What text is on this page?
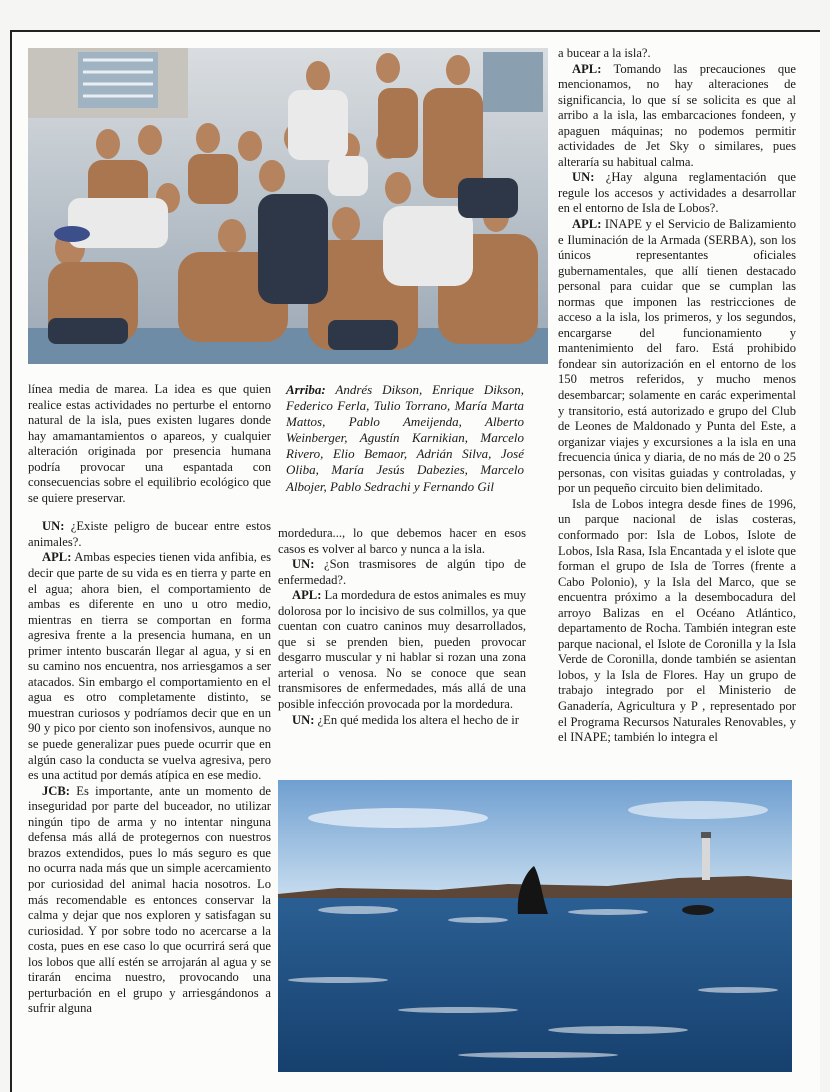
línea media de marea. La idea es que quien realice estas actividades no perturbe el entorno natural de la isla, pues existen lugares donde hay amamantamientos o apareos, y cualquier alteración originada por presencia humana podría provocar una espantada con consecuencias sobre el equilibrio ecológico que se quiere preservar.

UN: ¿Existe peligro de bucear entre estos animales?.

APL: Ambas especies tienen vida anfibia, es decir que parte de su vida es en tierra y parte en el agua; ahora bien, el comportamiento de ambas es diferente en uno u otro medio, mientras en tierra se comportan en forma agresiva frente a la presencia humana, en un primer intento buscarán llegar al agua, y si en su camino nos encuentra, nos arriesgamos a ser atacados. Sin embargo el comportamiento en el agua es otro completamente distinto, se muestran curiosos y podríamos decir que en un 90 y pico por ciento son inofensivos, aunque no se puede generalizar pues puede ocurrir que en algún caso la conducta se vuelva agresiva, pero es una actitud por demás atípica en ese medio.

JCB: Es importante, ante un momento de inseguridad por parte del buceador, no utilizar ningún tipo de arma y no intentar ninguna defensa más allá de protegernos con nuestros brazos extendidos, pues lo más seguro es que no ocurra nada más que un simple acercamiento por curiosidad del animal hacia nosotros. Lo más recomendable es entonces conservar la calma y dejar que nos exploren y satisfagan su curiosidad. Y por sobre todo no acercarse a la costa, pues en ese caso lo que ocurrirá será que los lobos que allí estén se arrojarán al agua y se tirarán encima nuestro, provocando una perturbación en el grupo y arriesgándonos a sufrir alguna

Arriba: Andrés Dikson, Enrique Dikson, Federico Ferla, Tulio Torrano, María Marta Mattos, Pablo Ameijenda, Alberto Weinberger, Agustín Karnikian, Marcelo Rivero, Elio Bemaor, Adrián Silva, José Oliba, María Jesús Dabezies, Marcelo Albojer, Pablo Sedrachi y Fernando Gil

mordedura..., lo que debemos hacer en esos casos es volver al barco y nunca a la isla.

UN: ¿Son trasmisores de algún tipo de enfermedad?.

APL: La mordedura de estos animales es muy dolorosa por lo incisivo de sus colmillos, ya que cuentan con cuatro caninos muy desarrollados, que si se prenden bien, pueden provocar desgarro muscular y ni hablar si rozan una zona arterial o venosa. No se conoce que sean transmisores de enfermedades, más allá de una posible infección provocada por la mordedura.

UN: ¿En qué medida los altera el hecho de ir

a bucear a la isla?.

APL: Tomando las precauciones que mencionamos, no hay alteraciones de significancia, lo que sí se solicita es que al arribo a la isla, las embarcaciones fondeen, y apaguen máquinas; no podemos permitir actividades de Jet Sky o similares, pues alteraría su habitual calma.

UN: ¿Hay alguna reglamentación que regule los accesos y actividades a desarrollar en el entorno de Isla de Lobos?.

APL: INAPE y el Servicio de Balizamiento e Iluminación de la Armada (SERBA), son los únicos representantes oficiales gubernamentales, que allí tienen destacado personal para cuidar que se cumplan las normas que imponen las restricciones de acceso a la isla, los primeros, y los segundos, encargarse del funcionamiento y mantenimiento del faro. Está prohibido fondear sin autorización en el entorno de los 150 metros referidos, y mucho menos desembarcar; solamente en carác experimental y transitorio, está autorizado e grupo del Club de Leones de Maldonado y Punta del Este, a organizar viajes y excursiones a la isla en una frecuencia única y diaria, de no más de 20 o 25 personas, con visitas guiadas y controladas, y por un pequeño circuito bien delimitado.

Isla de Lobos integra desde fines de 1996, un parque nacional de islas costeras, conformado por: Isla de Lobos, Islote de Lobos, Isla Rasa, Isla Encantada y el islote que forman el grupo de Isla de Torres (frente a Cabo Polonio), y la Isla del Marco, que se encuentra próximo a la desembocadura del arroyo Balizas en el Océano Atlántico, departamento de Rocha. También integran este parque nacional, el Islote de Coronilla y la Isla Verde de Coronilla, donde también se asientan lobos, y la Isla de Flores. Hay un grupo de trabajo integrado por el Ministerio de Ganadería, Agricultura y P , representado por el Programa Recursos Naturales Renovables, y el INAPE; también lo integra el
